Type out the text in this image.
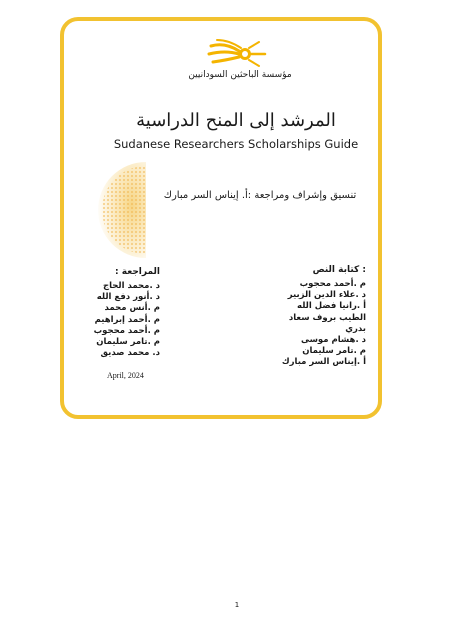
مؤسسة الباحثين السودانيين
المرشد إلى المنح الدراسية
Sudanese Researchers Scholarships Guide
تنسيق وإشراف ومراجعة :أ. إيناس السر مبارك
: كتابة النص
م .أحمد محجوب
د .علاء الدين الزبير
أ .رانيا فضل الله
الطيب بروف سعاد
بدري
د .هشام موسى
م .تامر سليمان
أ .إيناس السر مبارك
المراجعة :
د .محمد الحاج
د .أنور دفع الله
م .أنس محمد
م .أحمد إبراهيم
م .أحمد محجوب
م .تامر سليمان
د. محمد صديق
April, 2024
1
